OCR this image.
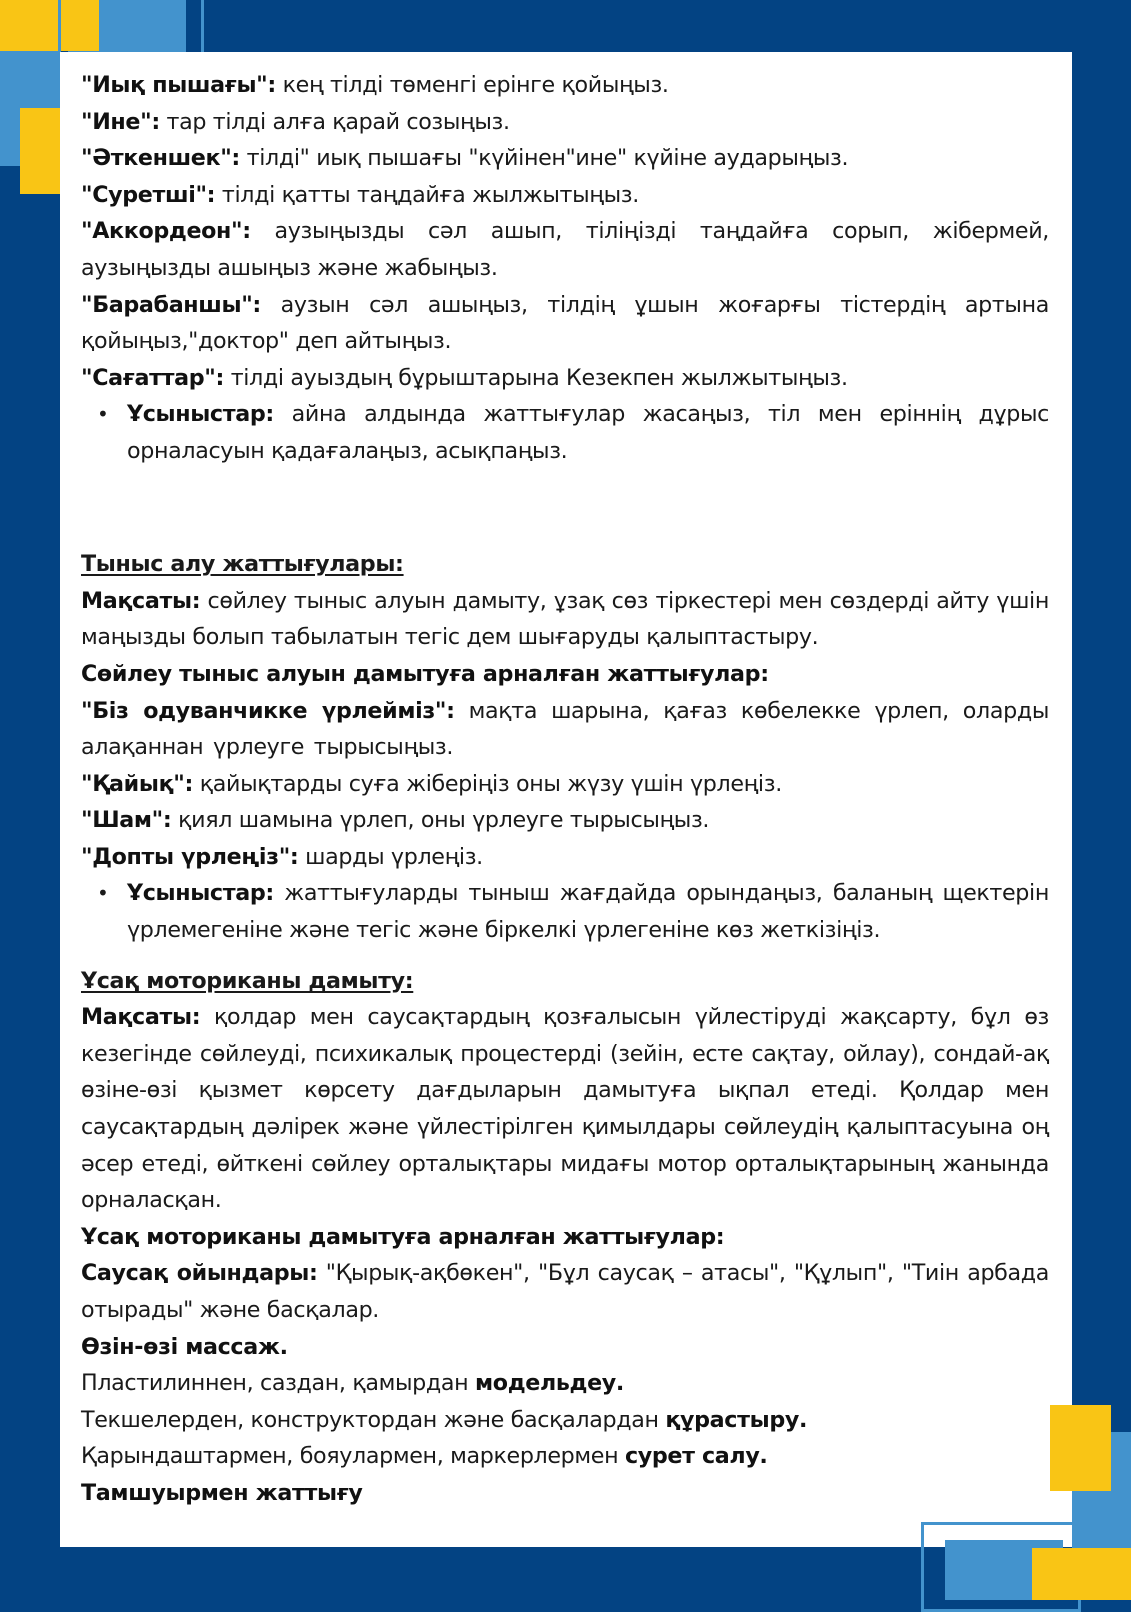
"Иық пышағы": кең тілді төменгі ерінге қойыңыз.

"Ине": тар тілді алға қарай созыңыз.

"Әткеншек": тілді" иық пышағы "күйінен"ине" күйіне аударыңыз.

"Суретші": тілді қатты таңдайға жылжытыңыз.

"Аккордеон": аузыңызды сәл ашып, тіліңізді таңдайға сорып, жібермей, аузыңызды ашыңыз және жабыңыз.

"Барабаншы": аузын сәл ашыңыз, тілдің ұшын жоғарғы тістердің артына қойыңыз,"доктор" деп айтыңыз.

"Сағаттар": тілді ауыздың бұрыштарына Кезекпен жылжытыңыз.

• Ұсыныстар: айна алдында жаттығулар жасаңыз, тіл мен еріннің дұрыс орналасуын қадағалаңыз, асықпаңыз.

Тыныс алу жаттығулары:

Мақсаты: сөйлеу тыныс алуын дамыту, ұзақ сөз тіркестері мен сөздерді айту үшін маңызды болып табылатын тегіс дем шығаруды қалыптастыру.

Сөйлеу тыныс алуын дамытуға арналған жаттығулар:

"Біз одуванчикке үрлейміз": мақта шарына, қағаз көбелекке үрлеп, оларды алақаннан үрлеуге тырысыңыз.

"Қайық": қайықтарды суға жіберіңіз оны жүзу үшін үрлеңіз.

"Шам": қиял шамына үрлеп, оны үрлеуге тырысыңыз.

"Допты үрлеңіз": шарды үрлеңіз.

• Ұсыныстар: жаттығуларды тыныш жағдайда орындаңыз, баланың щектерін үрлемегеніне және тегіс және біркелкі үрлегеніне көз жеткізіңіз.

Ұсақ моториканы дамыту:

Мақсаты: қолдар мен саусақтардың қозғалысын үйлестіруді жақсарту, бұл өз кезегінде сөйлеуді, психикалық процестерді (зейін, есте сақтау, ойлау), сондай-ақ өзіне-өзі қызмет көрсету дағдыларын дамытуға ықпал етеді. Қолдар мен саусақтардың дәлірек және үйлестірілген қимылдары сөйлеудің қалыптасуына оң әсер етеді, өйткені сөйлеу орталықтары мидағы мотор орталықтарының жанында орналасқан.

Ұсақ моториканы дамытуға арналған жаттығулар:

Саусақ ойындары: "Қырық-ақбөкен", "Бұл саусақ – атасы", "Құлып", "Тиін арбада отырады" және басқалар.

Өзін-өзі массаж.

Пластилиннен, саздан, қамырдан модельдеу.

Текшелерден, конструктордан және басқалардан құрастыру.

Қарындаштармен, бояулармен, маркерлермен сурет салу.

Тамшуырмен жаттығу
